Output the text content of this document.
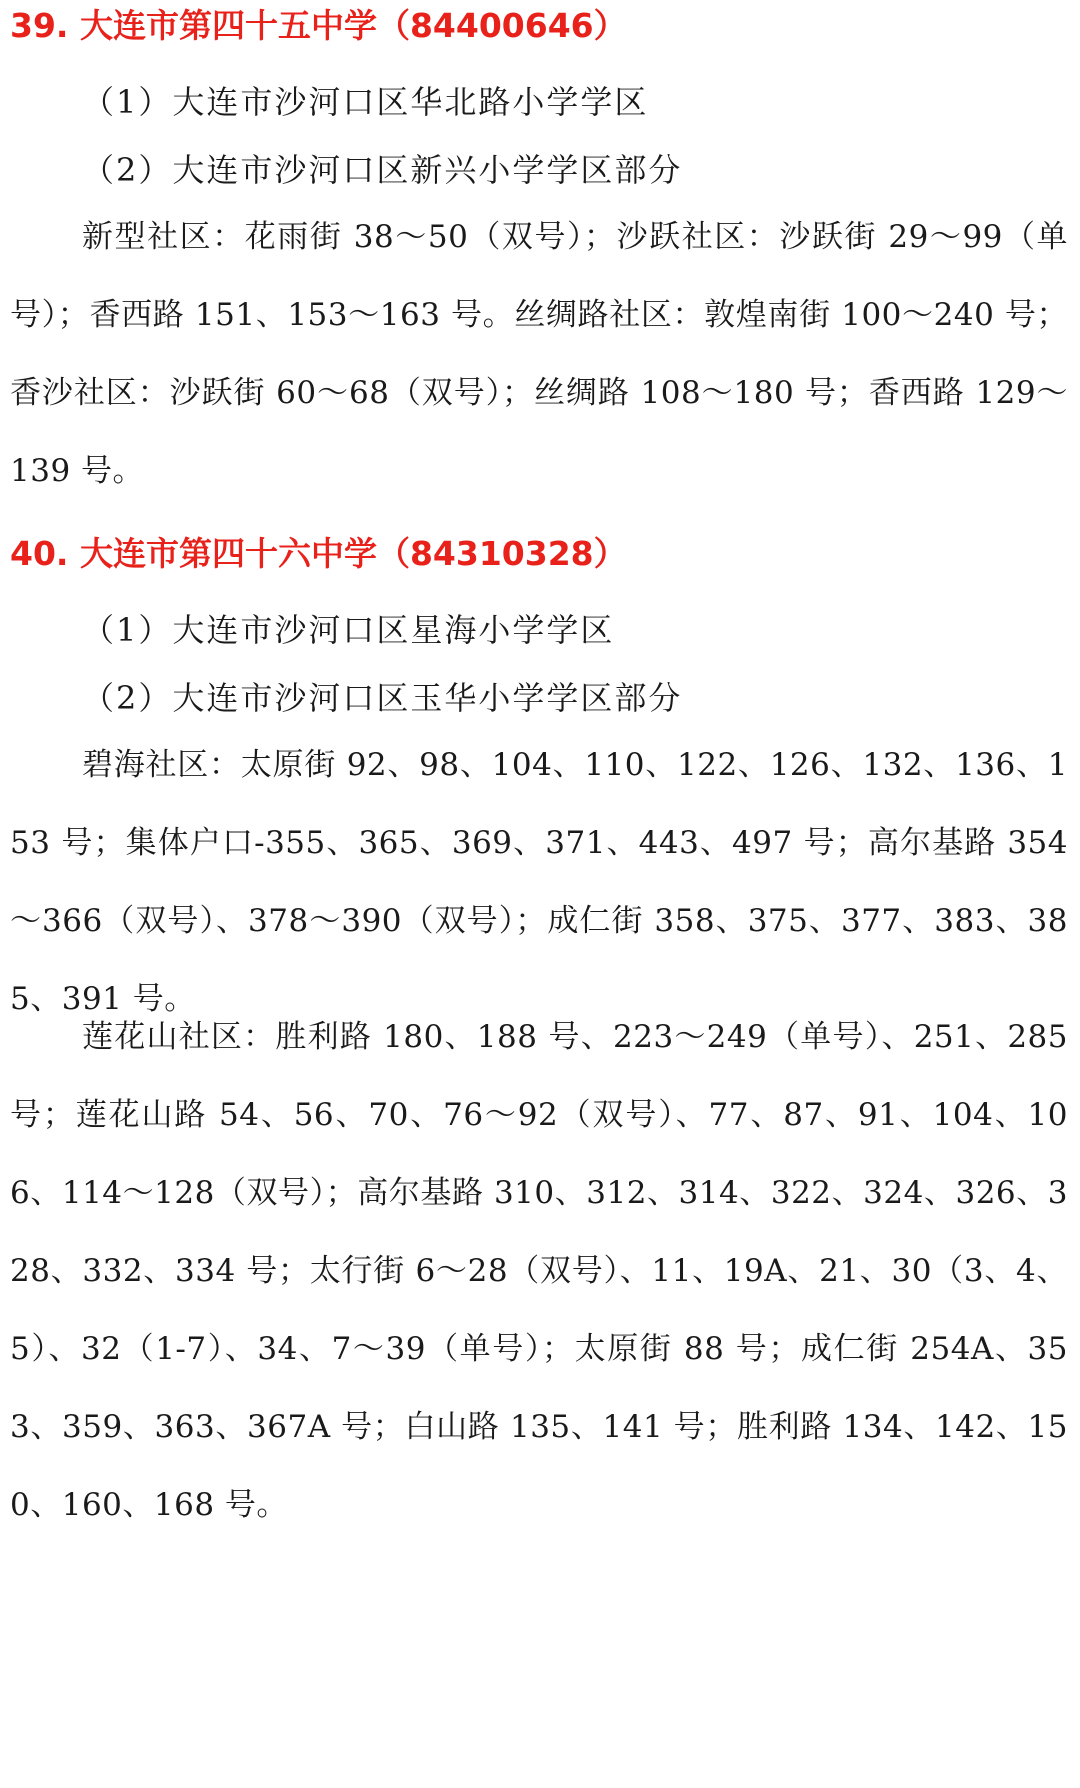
39. 大连市第四十五中学（84400646）
（1）大连市沙河口区华北路小学学区
（2）大连市沙河口区新兴小学学区部分

新型社区：花雨街 38～50（双号）；沙跃社区：沙跃街 29～99（单号）；香西路 151、153～163 号。丝绸路社区：敦煌南街 100～240 号；香沙社区：沙跃街 60～68（双号）；丝绸路 108～180 号；香西路 129～139 号。

40. 大连市第四十六中学（84310328）
（1）大连市沙河口区星海小学学区
（2）大连市沙河口区玉华小学学区部分

碧海社区：太原街 92、98、104、110、122、126、132、136、153 号；集体户口-355、365、369、371、443、497 号；高尔基路 354～366（双号）、378～390（双号）；成仁街 358、375、377、383、385、391 号。

莲花山社区：胜利路 180、188 号、223～249（单号）、251、285 号；莲花山路 54、56、70、76～92（双号）、77、87、91、104、106、114～128（双号）；高尔基路 310、312、314、322、324、326、328、332、334 号；太行街 6～28（双号）、11、19A、21、30（3、4、5）、32（1-7）、34、7～39（单号）；太原街 88 号；成仁街 254A、353、359、363、367A 号；白山路 135、141 号；胜利路 134、142、150、160、168 号。
